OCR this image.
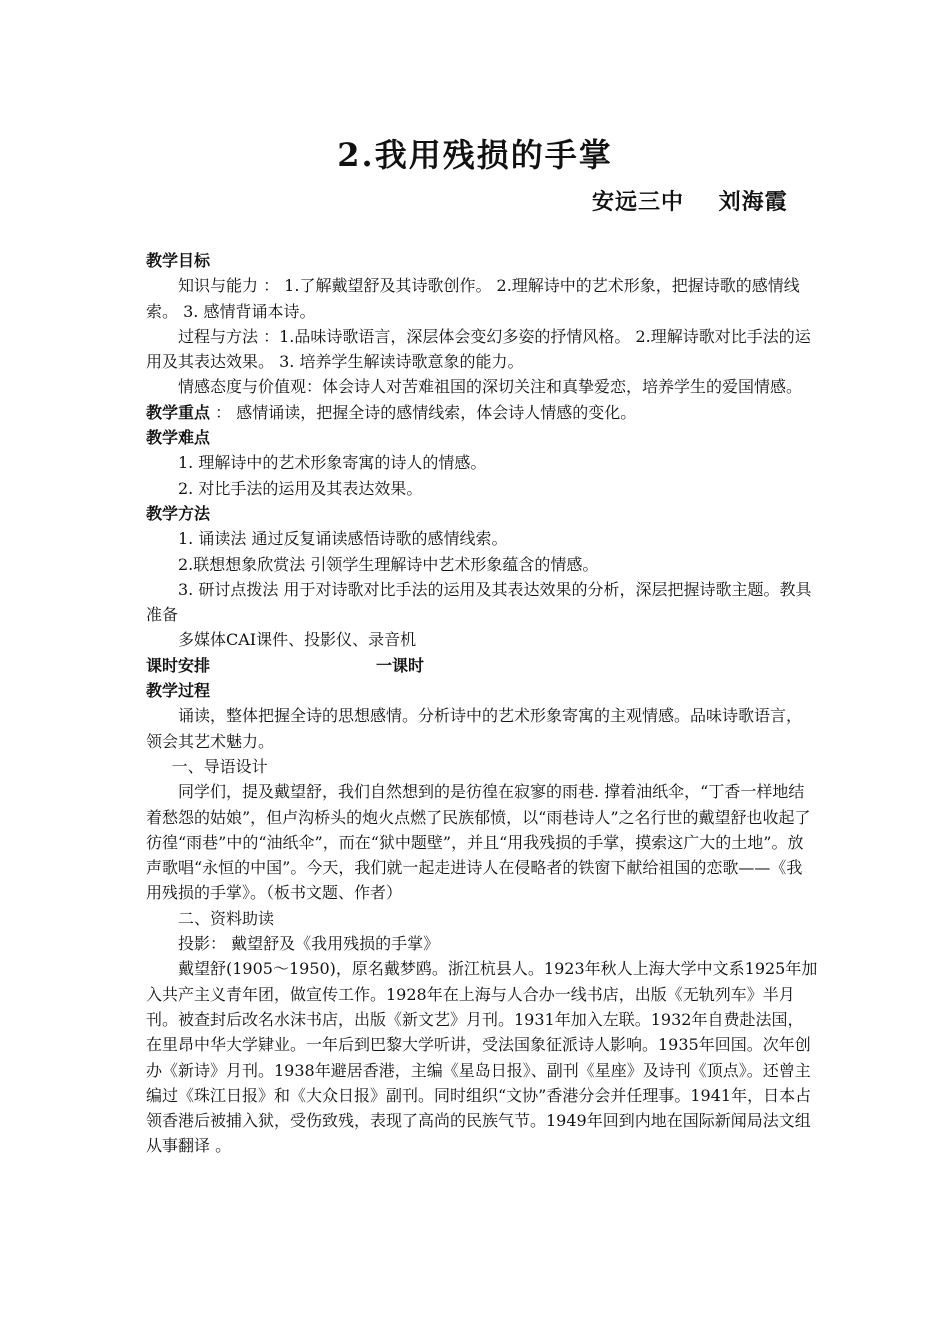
2.我用残损的手掌
安远三中    刘海霞

教学目标

知识与能力 ： 1.了解戴望舒及其诗歌创作。 2.理解诗中的艺术形象，把握诗歌的感情线索。 3. 感情背诵本诗。

过程与方法 ：1.品味诗歌语言，深层体会变幻多姿的抒情风格。 2.理解诗歌对比手法的运用及其表达效果。 3. 培养学生解读诗歌意象的能力。

情感态度与价值观：体会诗人对苦难祖国的深切关注和真挚爱恋，培养学生的爱国情感。

教学重点 ： 感情诵读，把握全诗的感情线索，体会诗人情感的变化。

教学难点

1. 理解诗中的艺术形象寄寓的诗人的情感。

2. 对比手法的运用及其表达效果。

教学方法

1. 诵读法 通过反复诵读感悟诗歌的感情线索。

2.联想想象欣赏法 引领学生理解诗中艺术形象蕴含的情感。

3. 研讨点拨法 用于对诗歌对比手法的运用及其表达效果的分析，深层把握诗歌主题。教具准备

多媒体CAI课件、投影仪、录音机

课时安排	一课时

教学过程

诵读，整体把握全诗的思想感情。分析诗中的艺术形象寄寓的主观情感。品味诗歌语言，

领会其艺术魅力。

一、导语设计

同学们，提及戴望舒，我们自然想到的是彷徨在寂寥的雨巷. 撑着油纸伞，“丁香一样地结着愁怨的姑娘”，但卢沟桥头的炮火点燃了民族郁愤，以“雨巷诗人”之名行世的戴望舒也收起了彷徨“雨巷”中的“油纸伞”，而在“狱中题壁”，并且“用我残损的手掌，摸索这广大的土地”。放声歌唱“永恒的中国”。今天，我们就一起走进诗人在侵略者的铁窗下献给祖国的恋歌——《我用残损的手掌》。（板书文题、作者）

二、资料助读

投影： 戴望舒及《我用残损的手掌》

戴望舒(1905～1950)，原名戴梦鸥。浙江杭县人。1923年秋人上海大学中文系1925年加入共产主义青年团，做宣传工作。1928年在上海与人合办一线书店，出版《无轨列车》半月刊。被查封后改名水沫书店，出版《新文艺》月刊。1931年加入左联。1932年自费赴法国，在里昂中华大学肄业。一年后到巴黎大学听讲，受法国象征派诗人影响。1935年回国。次年创办《新诗》月刊。1938年避居香港，主编《星岛日报》、副刊《星座》及诗刊《顶点》。还曾主编过《珠江日报》和《大众日报》副刊。同时组织“文协”香港分会并任理事。1941年，日本占领香港后被捕入狱，受伤致残，表现了高尚的民族气节。1949年回到内地在国际新闻局法文组从事翻译 。
